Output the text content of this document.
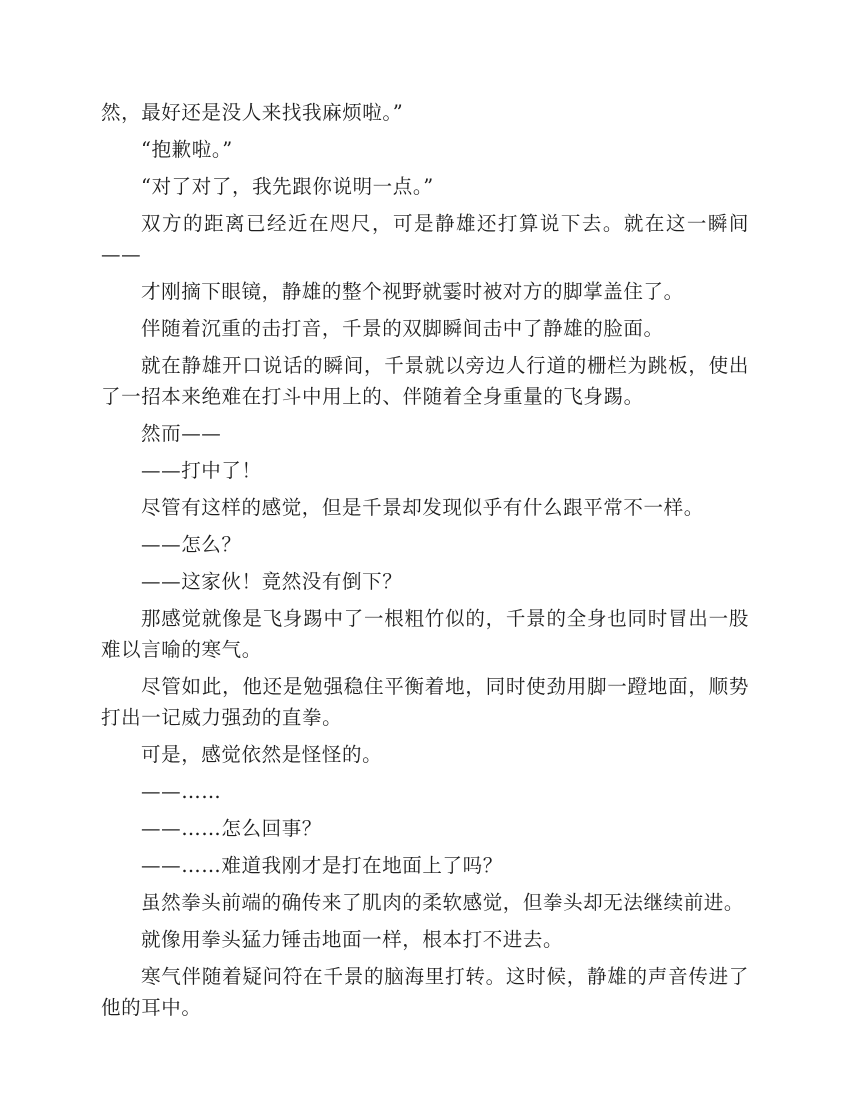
然，最好还是没人来找我麻烦啦。”

“抱歉啦。”

“对了对了，我先跟你说明一点。”

双方的距离已经近在咫尺，可是静雄还打算说下去。就在这一瞬间——

才刚摘下眼镜，静雄的整个视野就霎时被对方的脚掌盖住了。

伴随着沉重的击打音，千景的双脚瞬间击中了静雄的脸面。

就在静雄开口说话的瞬间，千景就以旁边人行道的栅栏为跳板，使出了一招本来绝难在打斗中用上的、伴随着全身重量的飞身踢。

然而——

——打中了！

尽管有这样的感觉，但是千景却发现似乎有什么跟平常不一样。

——怎么？

——这家伙！竟然没有倒下？

那感觉就像是飞身踢中了一根粗竹似的，千景的全身也同时冒出一股难以言喻的寒气。

尽管如此，他还是勉强稳住平衡着地，同时使劲用脚一蹬地面，顺势打出一记威力强劲的直拳。

可是，感觉依然是怪怪的。

——……

——……怎么回事？

——……难道我刚才是打在地面上了吗？

虽然拳头前端的确传来了肌肉的柔软感觉，但拳头却无法继续前进。

就像用拳头猛力锤击地面一样，根本打不进去。

寒气伴随着疑问符在千景的脑海里打转。这时候，静雄的声音传进了他的耳中。
